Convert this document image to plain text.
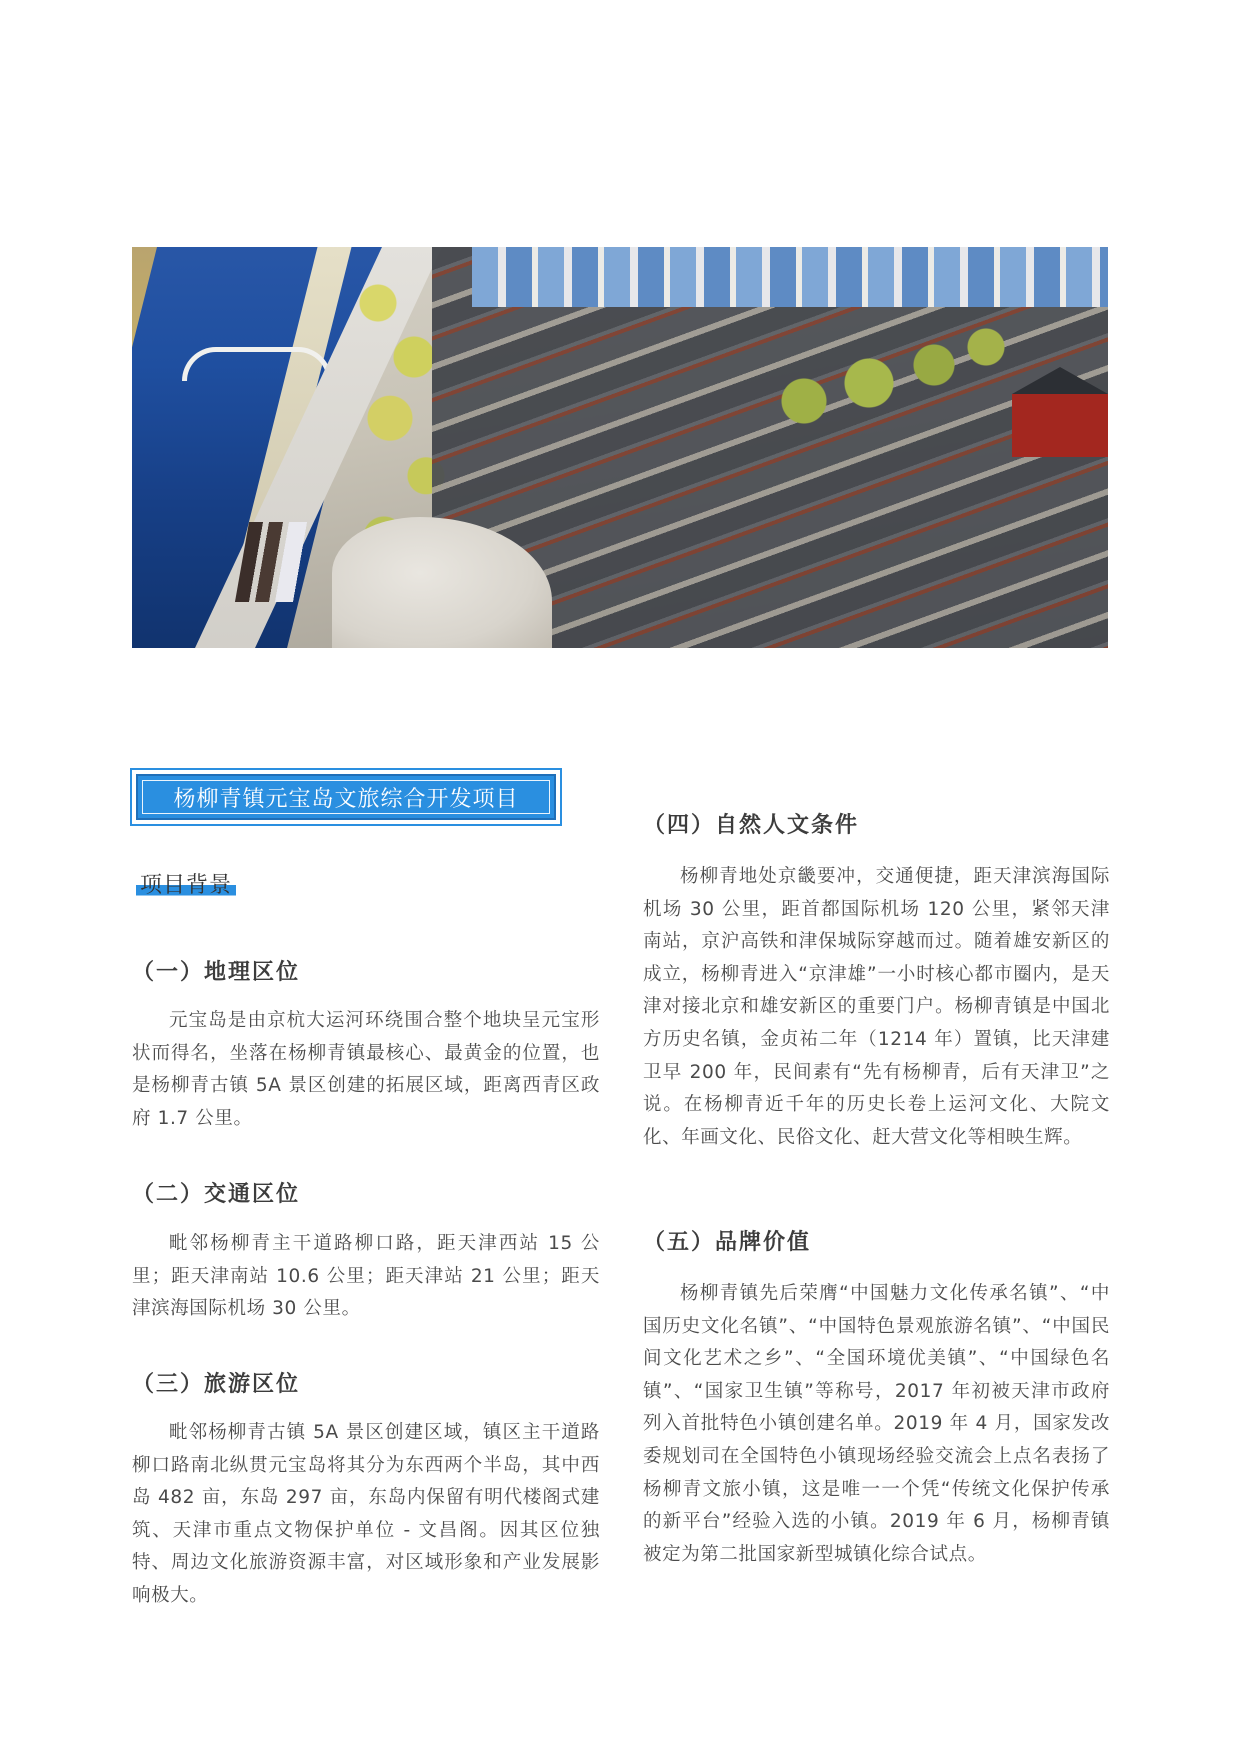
杨柳青镇元宝岛文旅综合开发项目
项目背景
（一）地理区位

元宝岛是由京杭大运河环绕围合整个地块呈元宝形状而得名，坐落在杨柳青镇最核心、最黄金的位置，也是杨柳青古镇 5A 景区创建的拓展区域，距离西青区政府 1.7 公里。

（二）交通区位

毗邻杨柳青主干道路柳口路，距天津西站 15 公里；距天津南站 10.6 公里；距天津站 21 公里；距天津滨海国际机场 30 公里。

（三）旅游区位

毗邻杨柳青古镇 5A 景区创建区域，镇区主干道路柳口路南北纵贯元宝岛将其分为东西两个半岛，其中西岛 482 亩，东岛 297 亩，东岛内保留有明代楼阁式建筑、天津市重点文物保护单位 - 文昌阁。因其区位独特、周边文化旅游资源丰富，对区域形象和产业发展影响极大。

（四）自然人文条件

杨柳青地处京畿要冲，交通便捷，距天津滨海国际机场 30 公里，距首都国际机场 120 公里，紧邻天津南站，京沪高铁和津保城际穿越而过。随着雄安新区的成立，杨柳青进入“京津雄”一小时核心都市圈内，是天津对接北京和雄安新区的重要门户。杨柳青镇是中国北方历史名镇，金贞祐二年（1214 年）置镇，比天津建卫早 200 年，民间素有“先有杨柳青，后有天津卫”之说。在杨柳青近千年的历史长卷上运河文化、大院文化、年画文化、民俗文化、赶大营文化等相映生辉。

（五）品牌价值

杨柳青镇先后荣膺“中国魅力文化传承名镇”、“中国历史文化名镇”、“中国特色景观旅游名镇”、“中国民间文化艺术之乡”、“全国环境优美镇”、“中国绿色名镇”、“国家卫生镇”等称号，2017 年初被天津市政府列入首批特色小镇创建名单。2019 年 4 月，国家发改委规划司在全国特色小镇现场经验交流会上点名表扬了杨柳青文旅小镇，这是唯一一个凭“传统文化保护传承的新平台”经验入选的小镇。2019 年 6 月，杨柳青镇被定为第二批国家新型城镇化综合试点。
